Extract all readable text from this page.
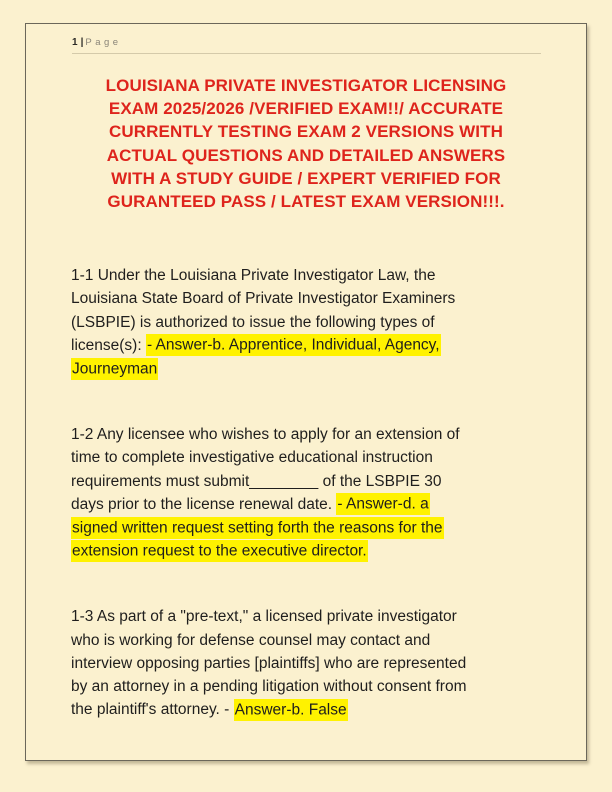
1 | Page
LOUISIANA PRIVATE INVESTIGATOR LICENSING
EXAM 2025/2026 /VERIFIED EXAM!!/ ACCURATE
CURRENTLY TESTING EXAM 2 VERSIONS WITH
ACTUAL QUESTIONS AND DETAILED ANSWERS
WITH A STUDY GUIDE / EXPERT VERIFIED FOR
GURANTEED PASS / LATEST EXAM VERSION!!!.
1-1 Under the Louisiana Private Investigator Law, the
Louisiana State Board of Private Investigator Examiners
(LSBPIE) is authorized to issue the following types of
license(s): - Answer-b. Apprentice, Individual, Agency,
Journeyman
1-2 Any licensee who wishes to apply for an extension of
time to complete investigative educational instruction
requirements must submit________ of the LSBPIE 30
days prior to the license renewal date. - Answer-d. a
signed written request setting forth the reasons for the
extension request to the executive director.
1-3 As part of a "pre-text," a licensed private investigator
who is working for defense counsel may contact and
interview opposing parties [plaintiffs] who are represented
by an attorney in a pending litigation without consent from
the plaintiff's attorney. - Answer-b. False
